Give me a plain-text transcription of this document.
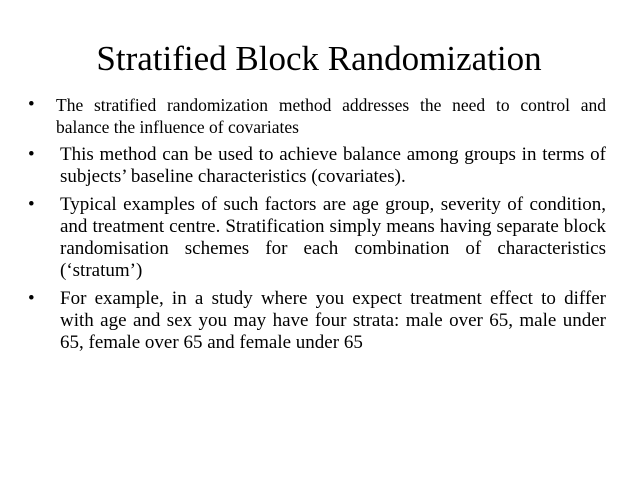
Stratified Block Randomization
• The stratified randomization method addresses the need to control and balance the influence of covariates
• This method can be used to achieve balance among groups in terms of subjects’ baseline characteristics (covariates).
• Typical examples of such factors are age group, severity of condition, and treatment centre. Stratification simply means having separate block randomisation schemes for each combination of characteristics (‘stratum’)
• For example, in a study where you expect treatment effect to differ with age and sex you may have four strata: male over 65, male under 65, female over 65 and female under 65
